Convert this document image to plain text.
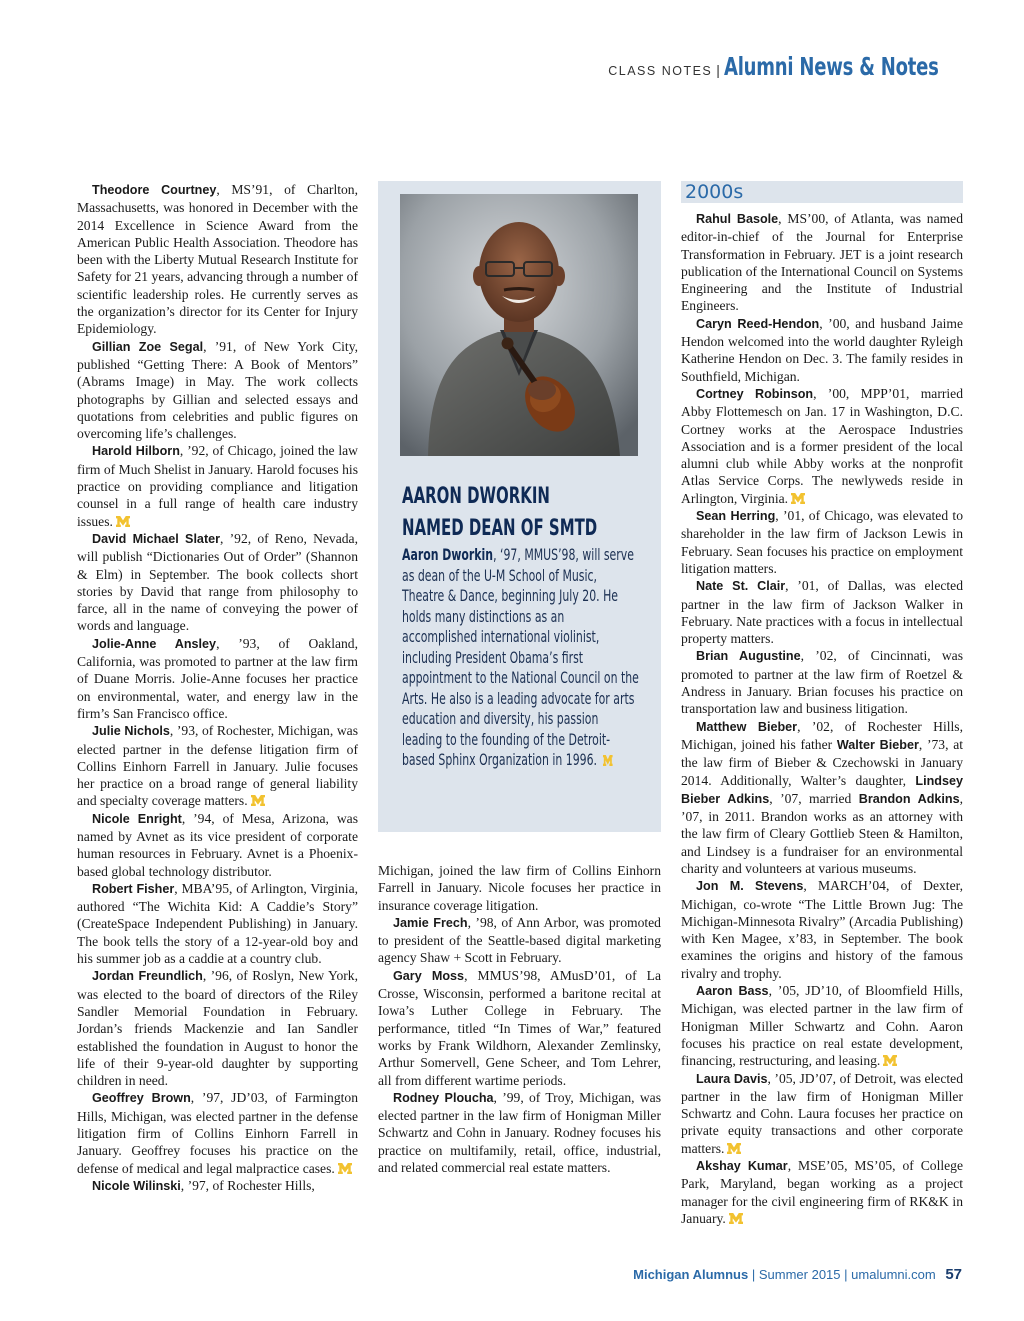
CLASS NOTES | Alumni News & Notes

Theodore Courtney, MS’91, of Charlton, Massachusetts, was honored in December with the 2014 Excellence in Science Award from the American Public Health Association. Theodore has been with the Liberty Mutual Research Institute for Safety for 21 years, advancing through a number of scientific leadership roles. He currently serves as the organization’s director for its Center for Injury Epidemiology.

Gillian Zoe Segal, ’91, of New York City, published “Getting There: A Book of Mentors” (Abrams Image) in May. The work collects photographs by Gillian and selected essays and quotations from celebrities and public figures on overcoming life’s challenges.

Harold Hilborn, ’92, of Chicago, joined the law firm of Much Shelist in January. Harold focuses his practice on providing compliance and litigation counsel in a full range of health care industry issues.

David Michael Slater, ’92, of Reno, Nevada, will publish “Dictionaries Out of Order” (Shannon & Elm) in September. The book collects short stories by David that range from philosophy to farce, all in the name of conveying the power of words and language.

Jolie-Anne Ansley, ’93, of Oakland, California, was promoted to partner at the law firm of Duane Morris. Jolie-Anne focuses her practice on environmental, water, and energy law in the firm’s San Francisco office.

Julie Nichols, ’93, of Rochester, Michigan, was elected partner in the defense litigation firm of Collins Einhorn Farrell in January. Julie focuses her practice on a broad range of general liability and specialty coverage matters.

Nicole Enright, ’94, of Mesa, Arizona, was named by Avnet as its vice president of corporate human resources in February. Avnet is a Phoenix-based global technology distributor.

Robert Fisher, MBA’95, of Arlington, Virginia, authored “The Wichita Kid: A Caddie’s Story” (CreateSpace Independent Publishing) in January. The book tells the story of a 12-year-old boy and his summer job as a caddie at a country club.

Jordan Freundlich, ’96, of Roslyn, New York, was elected to the board of directors of the Riley Sandler Memorial Foundation in February. Jordan’s friends Mackenzie and Ian Sandler established the foundation in August to honor the life of their 9-year-old daughter by supporting children in need.

Geoffrey Brown, ’97, JD’03, of Farmington Hills, Michigan, was elected partner in the defense litigation firm of Collins Einhorn Farrell in January. Geoffrey focuses his practice on the defense of medical and legal malpractice cases.

Nicole Wilinski, ’97, of Rochester Hills,

AARON DWORKIN
NAMED DEAN OF SMTD

Aaron Dworkin, ‘97, MMUS’98, will serve as dean of the U-M School of Music, Theatre & Dance, beginning July 20. He holds many distinctions as an accomplished international violinist, including President Obama’s first appointment to the National Council on the Arts. He also is a leading advocate for arts education and diversity, his passion leading to the founding of the Detroit-based Sphinx Organization in 1996.

Michigan, joined the law firm of Collins Einhorn Farrell in January. Nicole focuses her practice in insurance coverage litigation.

Jamie Frech, ’98, of Ann Arbor, was promoted to president of the Seattle-based digital marketing agency Shaw + Scott in February.

Gary Moss, MMUS’98, AMusD’01, of La Crosse, Wisconsin, performed a baritone recital at Iowa’s Luther College in February. The performance, titled “In Times of War,” featured works by Frank Wildhorn, Alexander Zemlinsky, Arthur Somervell, Gene Scheer, and Tom Lehrer, all from different wartime periods.

Rodney Ploucha, ’99, of Troy, Michigan, was elected partner in the law firm of Honigman Miller Schwartz and Cohn in January. Rodney focuses his practice on multifamily, retail, office, industrial, and related commercial real estate matters.

2000s

Rahul Basole, MS’00, of Atlanta, was named editor-in-chief of the Journal for Enterprise Transformation in February. JET is a joint research publication of the International Council on Systems Engineering and the Institute of Industrial Engineers.

Caryn Reed-Hendon, ’00, and husband Jaime Hendon welcomed into the world daughter Ryleigh Katherine Hendon on Dec. 3. The family resides in Southfield, Michigan.

Cortney Robinson, ’00, MPP’01, married Abby Flottemesch on Jan. 17 in Washington, D.C. Cortney works at the Aerospace Industries Association and is a former president of the local alumni club while Abby works at the nonprofit Atlas Service Corps. The newlyweds reside in Arlington, Virginia.

Sean Herring, ’01, of Chicago, was elevated to shareholder in the law firm of Jackson Lewis in February. Sean focuses his practice on employment litigation matters.

Nate St. Clair, ’01, of Dallas, was elected partner in the law firm of Jackson Walker in February. Nate practices with a focus in intellectual property matters.

Brian Augustine, ’02, of Cincinnati, was promoted to partner at the law firm of Roetzel & Andress in January. Brian focuses his practice on transportation law and business litigation.

Matthew Bieber, ’02, of Rochester Hills, Michigan, joined his father Walter Bieber, ’73, at the law firm of Bieber & Czechowski in January 2014. Additionally, Walter’s daughter, Lindsey Bieber Adkins, ’07, married Brandon Adkins, ’07, in 2011. Brandon works as an attorney with the law firm of Cleary Gottlieb Steen & Hamilton, and Lindsey is a fundraiser for an environmental charity and volunteers at various museums.

Jon M. Stevens, MARCH’04, of Dexter, Michigan, co-wrote “The Little Brown Jug: The Michigan-Minnesota Rivalry” (Arcadia Publishing) with Ken Magee, x’83, in September. The book examines the origins and history of the famous rivalry and trophy.

Aaron Bass, ’05, JD’10, of Bloomfield Hills, Michigan, was elected partner in the law firm of Honigman Miller Schwartz and Cohn. Aaron focuses his practice on real estate development, financing, restructuring, and leasing.

Laura Davis, ’05, JD’07, of Detroit, was elected partner in the law firm of Honigman Miller Schwartz and Cohn. Laura focuses her practice on private equity transactions and other corporate matters.

Akshay Kumar, MSE’05, MS’05, of College Park, Maryland, began working as a project manager for the civil engineering firm of RK&K in January.

Michigan Alumnus | Summer 2015 | umalumni.com 57
